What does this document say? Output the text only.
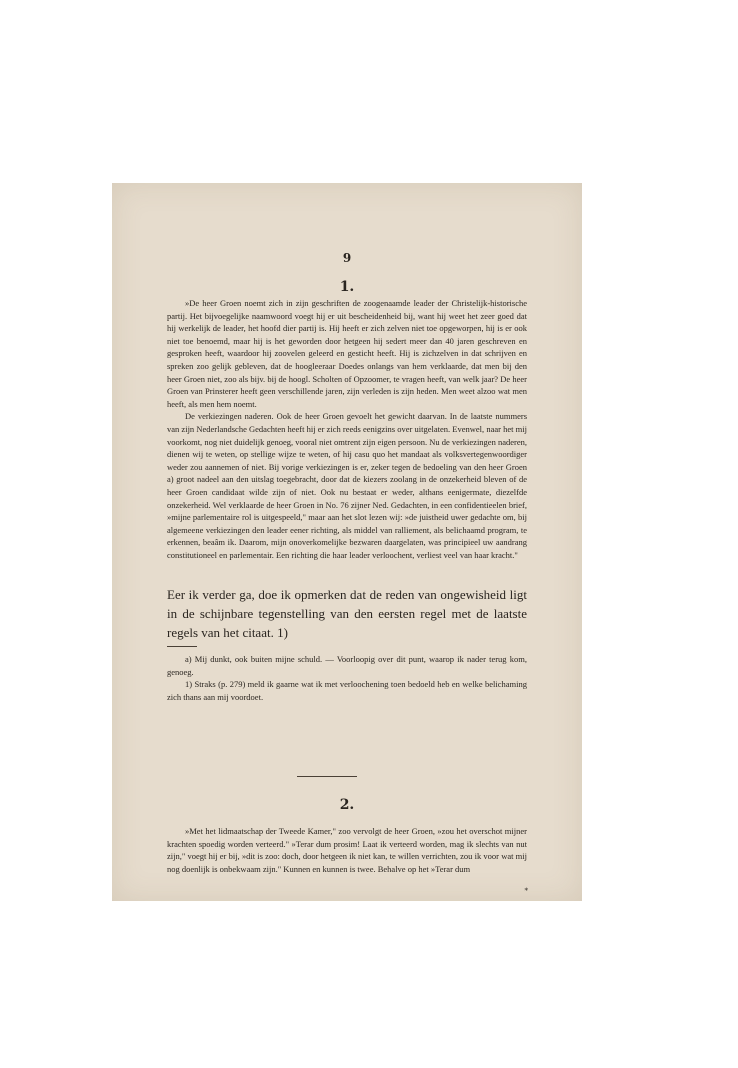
9
1.

»De heer Groen noemt zich in zijn geschriften de zoogenaamde leader der Christelijk-historische partij. Het bijvoegelijke naamwoord voegt hij er uit bescheidenheid bij, want hij weet het zeer goed dat hij werkelijk de leader, het hoofd dier partij is. Hij heeft er zich zelven niet toe opgeworpen, hij is er ook niet toe benoemd, maar hij is het geworden door hetgeen hij sedert meer dan 40 jaren geschreven en gesproken heeft, waardoor hij zoovelen geleerd en gesticht heeft. Hij is zichzelven in dat schrijven en spreken zoo gelijk gebleven, dat de hoogleeraar Doedes onlangs van hem verklaarde, dat men bij den heer Groen niet, zoo als bijv. bij de hoogl. Scholten of Opzoomer, te vragen heeft, van welk jaar? De heer Groen van Prinsterer heeft geen verschillende jaren, zijn verleden is zijn heden. Men weet alzoo wat men heeft, als men hem noemt.

De verkiezingen naderen. Ook de heer Groen gevoelt het gewicht daarvan. In de laatste nummers van zijn Nederlandsche Gedachten heeft hij er zich reeds eenigzins over uitgelaten. Evenwel, naar het mij voorkomt, nog niet duidelijk genoeg, vooral niet omtrent zijn eigen persoon. Nu de verkiezingen naderen, dienen wij te weten, op stellige wijze te weten, of hij casu quo het mandaat als volksvertegenwoordiger weder zou aannemen of niet. Bij vorige verkiezingen is er, zeker tegen de bedoeling van den heer Groen a) groot nadeel aan den uitslag toegebracht, door dat de kiezers zoolang in de onzekerheid bleven of de heer Groen candidaat wilde zijn of niet. Ook nu bestaat er weder, althans eenigermate, diezelfde onzekerheid. Wel verklaarde de heer Groen in No. 76 zijner Ned. Gedachten, in een confidentieelen brief, »mijne parlementaire rol is uitgespeeld," maar aan het slot lezen wij: »de juistheid uwer gedachte om, bij algemeene verkiezingen den leader eener richting, als middel van ralliement, als belichaamd program, te erkennen, beaâm ik. Daarom, mijn onoverkomelijke bezwaren daargelaten, was principieel uw aandrang constitutioneel en parlementair. Een richting die haar leader verloochent, verliest veel van haar kracht."

Eer ik verder ga, doe ik opmerken dat de reden van ongewisheid ligt in de schijnbare tegenstelling van den eersten regel met de laatste regels van het citaat. 1)

a) Mij dunkt, ook buiten mijne schuld. — Voorloopig over dit punt, waarop ik nader terug kom, genoeg.

1) Straks (p. 279) meld ik gaarne wat ik met verloochening toen bedoeld heb en welke belichaming zich thans aan mij voordoet.

2.

»Met het lidmaatschap der Tweede Kamer," zoo vervolgt de heer Groen, »zou het overschot mijner krachten spoedig worden verteerd." »Terar dum prosim! Laat ik verteerd worden, mag ik slechts van nut zijn," voegt hij er bij, »dit is zoo: doch, door hetgeen ik niet kan, te willen verrichten, zou ik voor wat mij nog doenlijk is onbekwaam zijn." Kunnen en kunnen is twee. Behalve op het »Terar dum

*
